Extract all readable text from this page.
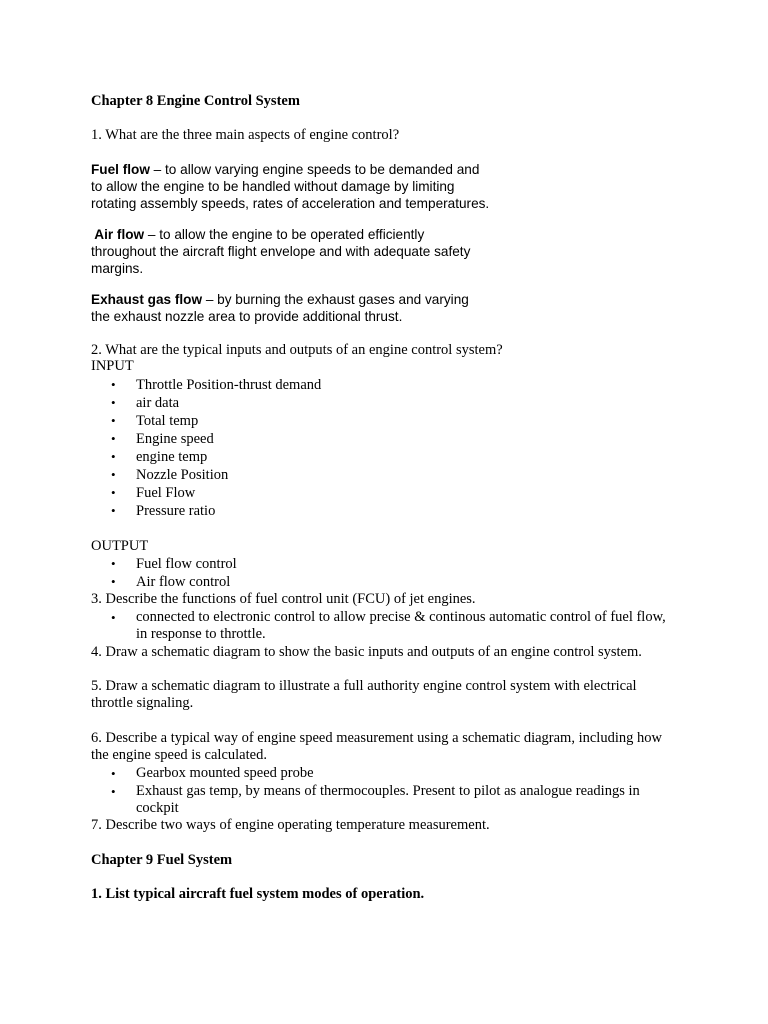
Chapter 8 Engine Control System

1. What are the three main aspects of engine control?

Fuel flow – to allow varying engine speeds to be demanded and
to allow the engine to be handled without damage by limiting
rotating assembly speeds, rates of acceleration and temperatures.
Air flow – to allow the engine to be operated efficiently
throughout the aircraft flight envelope and with adequate safety
margins.
Exhaust gas flow – by burning the exhaust gases and varying
the exhaust nozzle area to provide additional thrust.

2. What are the typical inputs and outputs of an engine control system?

INPUT

• Throttle Position-thrust demand
• air data
• Total temp
• Engine speed
• engine temp
• Nozzle Position
• Fuel Flow
• Pressure ratio

OUTPUT

• Fuel flow control
• Air flow control

3. Describe the functions of fuel control unit (FCU) of jet engines.

• connected to electronic control to allow precise & continous automatic control of fuel flow,
in response to throttle.

4. Draw a schematic diagram to show the basic inputs and outputs of an engine control system.

5. Draw a schematic diagram to illustrate a full authority engine control system with electrical
throttle signaling.
6. Describe a typical way of engine speed measurement using a schematic diagram, including how
the engine speed is calculated.
• Gearbox mounted speed probe
• Exhaust gas temp, by means of thermocouples. Present to pilot as analogue readings in
cockpit

7. Describe two ways of engine operating temperature measurement.

Chapter 9 Fuel System

1. List typical aircraft fuel system modes of operation.
